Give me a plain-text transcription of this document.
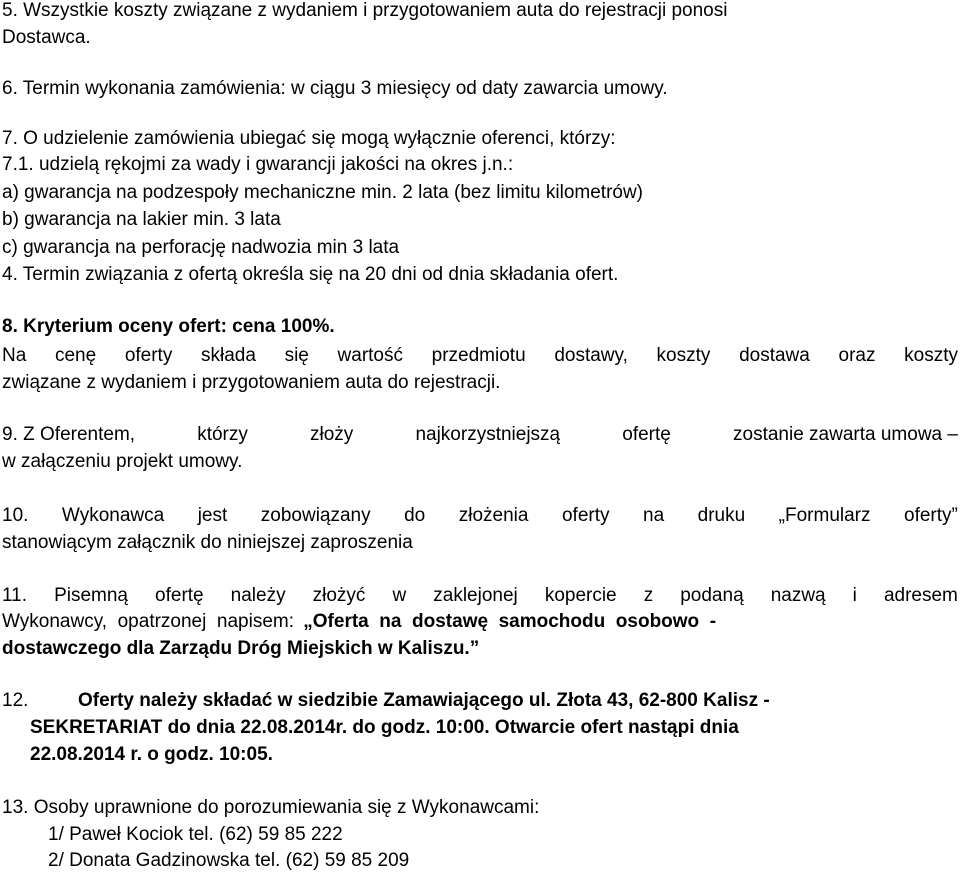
5. Wszystkie koszty związane z wydaniem i przygotowaniem auta do rejestracji ponosi
Dostawca.
6. Termin wykonania zamówienia: w ciągu 3 miesięcy od daty zawarcia umowy.
7. O udzielenie zamówienia ubiegać się mogą wyłącznie oferenci, którzy:
7.1. udzielą rękojmi za wady i gwarancji jakości na okres j.n.:
a) gwarancja na podzespoły mechaniczne min. 2 lata (bez limitu kilometrów)
b) gwarancja na lakier min. 3 lata
c) gwarancja na perforację nadwozia min 3 lata
4. Termin związania z ofertą określa się na 20 dni od dnia składania ofert.
8. Kryterium oceny ofert: cena 100%.
Na cenę oferty składa się wartość przedmiotu dostawy, koszty dostawa oraz koszty
związane z wydaniem i przygotowaniem auta do rejestracji.
9. Z Oferentem,	którzy	złoży	najkorzystniejszą	ofertę	zostanie zawarta umowa –
w załączeniu projekt umowy.
10. Wykonawca jest zobowiązany do złożenia oferty na druku „Formularz oferty”
stanowiącym załącznik do niniejszej zaproszenia
11. Pisemną ofertę należy złożyć w zaklejonej kopercie z podaną nazwą i adresem
Wykonawcy,  opatrzonej  napisem: „Oferta  na  dostawę  samochodu  osobowo  -
dostawczego dla Zarządu Dróg Miejskich w Kaliszu.”
12.	Oferty należy składać w siedzibie Zamawiającego ul. Złota 43, 62-800 Kalisz -
SEKRETARIAT do dnia 22.08.2014r. do godz. 10:00. Otwarcie ofert nastąpi dnia
22.08.2014 r. o godz. 10:05.
13. Osoby uprawnione do porozumiewania się z Wykonawcami:
1/ Paweł Kociok tel. (62) 59 85 222
2/ Donata Gadzinowska tel. (62) 59 85 209
